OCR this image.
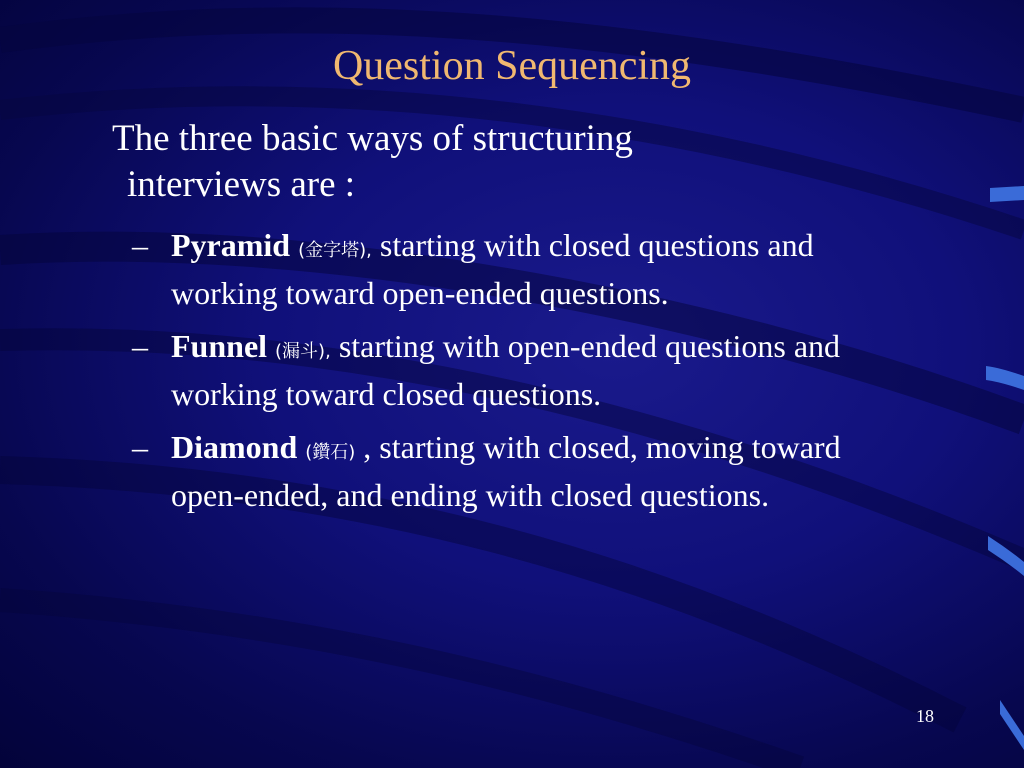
Question Sequencing
The three basic ways of structuring
interviews are :
– Pyramid (金字塔), starting with closed questions and working toward open-ended questions.
– Funnel (漏斗), starting with open-ended questions and working toward closed questions.
– Diamond (鑽石) , starting with closed, moving toward open-ended, and ending with closed questions.
18
